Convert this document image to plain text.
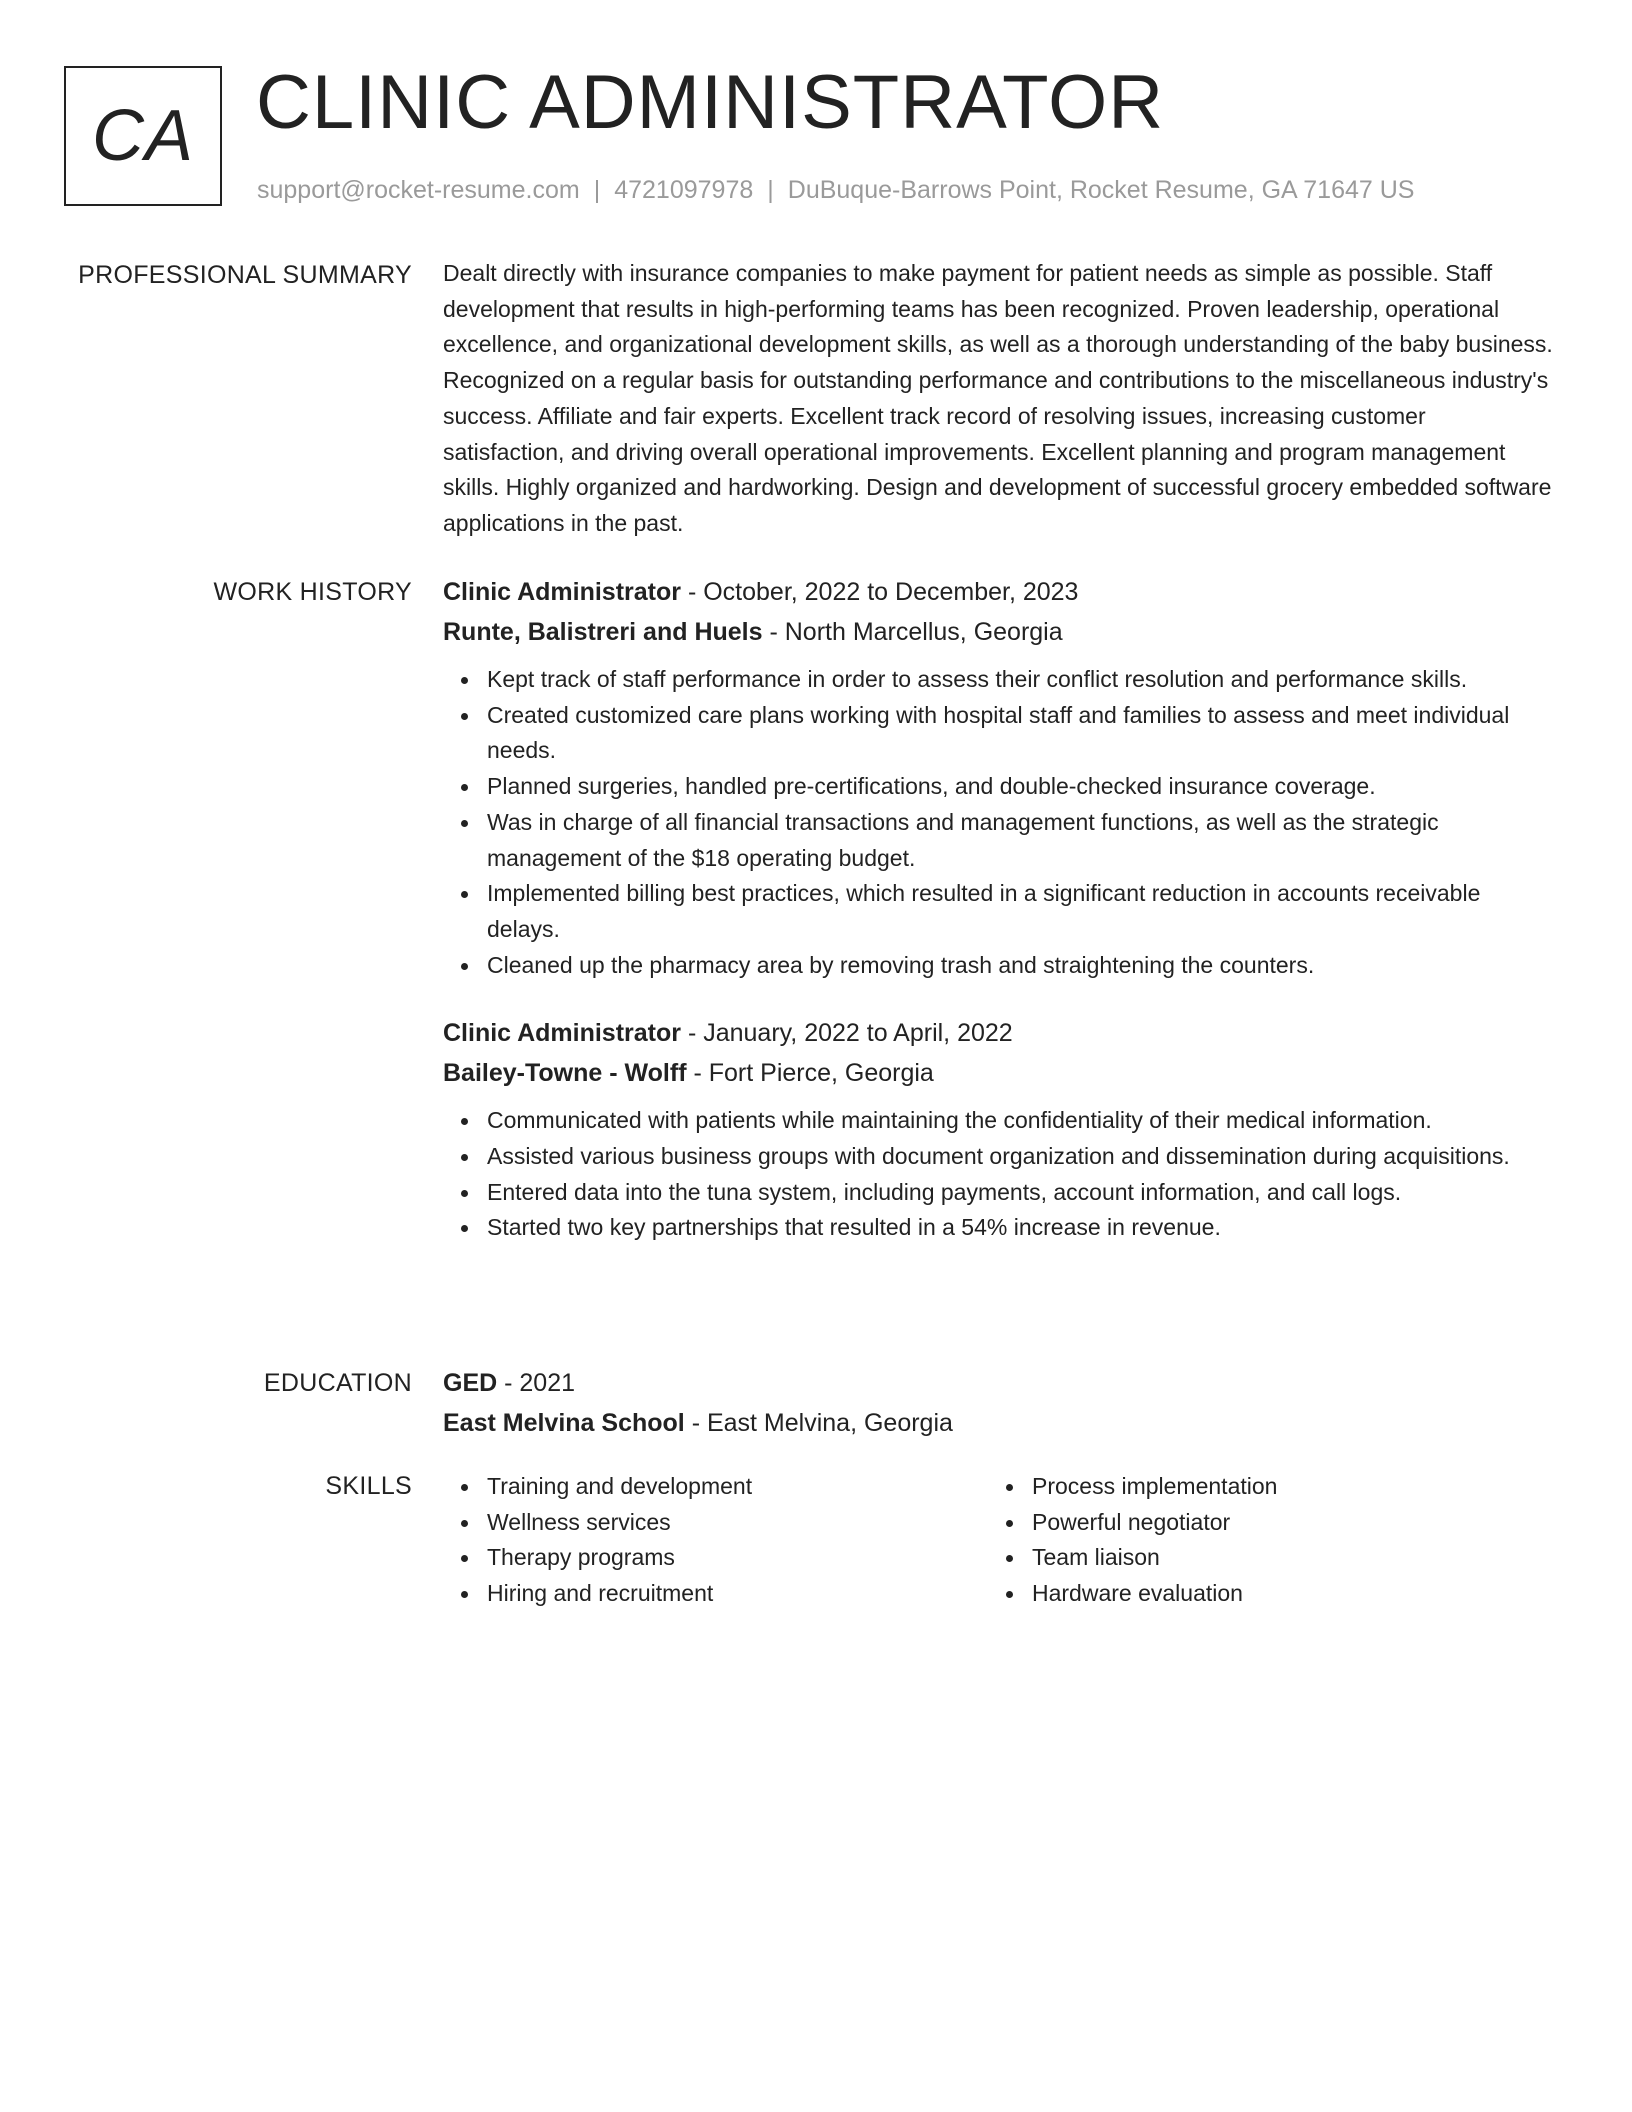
CA CLINIC ADMINISTRATOR
support@rocket-resume.com | 4721097978 | DuBuque-Barrows Point, Rocket Resume, GA 71647 US
PROFESSIONAL SUMMARY Dealt directly with insurance companies to make payment for patient needs as simple as possible. Staff development that results in high-performing teams has been recognized. Proven leadership, operational excellence, and organizational development skills, as well as a thorough understanding of the baby business. Recognized on a regular basis for outstanding performance and contributions to the miscellaneous industry's success. Affiliate and fair experts. Excellent track record of resolving issues, increasing customer satisfaction, and driving overall operational improvements. Excellent planning and program management skills. Highly organized and hardworking. Design and development of successful grocery embedded software applications in the past.

WORK HISTORY Clinic Administrator - October, 2022 to December, 2023
Runte, Balistreri and Huels - North Marcellus, Georgia
Kept track of staff performance in order to assess their conflict resolution and performance skills.
Created customized care plans working with hospital staff and families to assess and meet individual needs.
Planned surgeries, handled pre-certifications, and double-checked insurance coverage.
Was in charge of all financial transactions and management functions, as well as the strategic management of the $18 operating budget.
Implemented billing best practices, which resulted in a significant reduction in accounts receivable delays.
Cleaned up the pharmacy area by removing trash and straightening the counters.
Clinic Administrator - January, 2022 to April, 2022
Bailey-Towne - Wolff - Fort Pierce, Georgia
Communicated with patients while maintaining the confidentiality of their medical information.
Assisted various business groups with document organization and dissemination during acquisitions.
Entered data into the tuna system, including payments, account information, and call logs.
Started two key partnerships that resulted in a 54% increase in revenue.
EDUCATION GED - 2021
East Melvina School - East Melvina, Georgia
SKILLS	Training and development
Wellness services
Therapy programs
Hiring and recruitment
Process implementation
Powerful negotiator
Team liaison
Hardware evaluation
